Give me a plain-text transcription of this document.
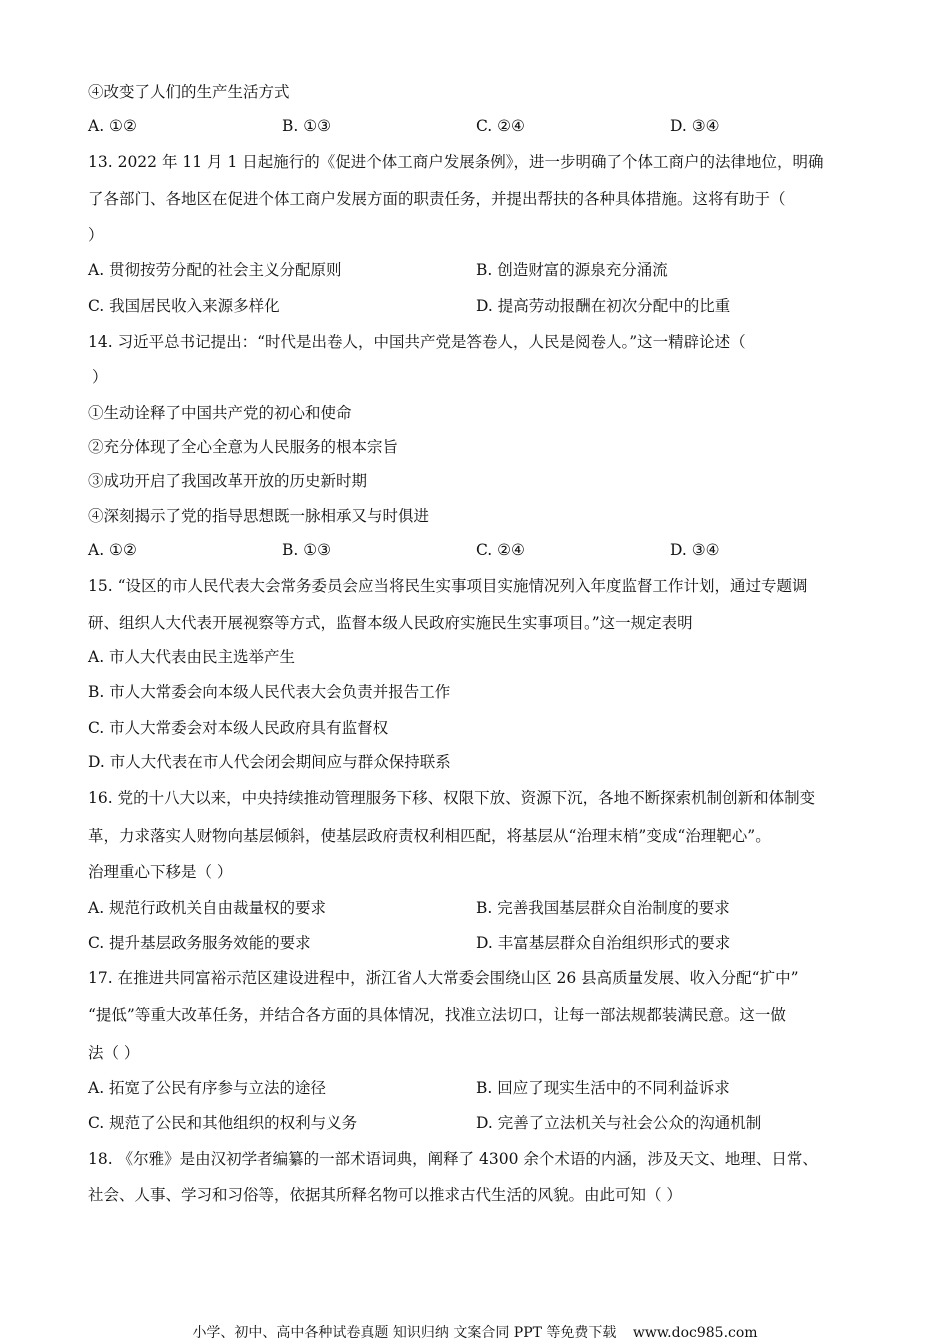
④改变了人们的生产生活方式
A. ①②	B. ①③	C. ②④	D. ③④
13. 2022 年 11 月 1 日起施行的《促进个体工商户发展条例》，进一步明确了个体工商户的法律地位，明确
了各部门、各地区在促进个体工商户发展方面的职责任务，并提出帮扶的各种具体措施。这将有助于（
）
A. 贯彻按劳分配的社会主义分配原则	B. 创造财富的源泉充分涌流
C. 我国居民收入来源多样化	D. 提高劳动报酬在初次分配中的比重
14. 习近平总书记提出：“时代是出卷人，中国共产党是答卷人，人民是阅卷人。”这一精辟论述（
）
①生动诠释了中国共产党的初心和使命
②充分体现了全心全意为人民服务的根本宗旨
③成功开启了我国改革开放的历史新时期
④深刻揭示了党的指导思想既一脉相承又与时俱进
A. ①②	B. ①③	C. ②④	D. ③④
15. “设区的市人民代表大会常务委员会应当将民生实事项目实施情况列入年度监督工作计划，通过专题调
研、组织人大代表开展视察等方式，监督本级人民政府实施民生实事项目。”这一规定表明
A. 市人大代表由民主选举产生
B. 市人大常委会向本级人民代表大会负责并报告工作
C. 市人大常委会对本级人民政府具有监督权
D. 市人大代表在市人代会闭会期间应与群众保持联系
16. 党的十八大以来，中央持续推动管理服务下移、权限下放、资源下沉，各地不断探索机制创新和体制变
革，力求落实人财物向基层倾斜，使基层政府责权利相匹配，将基层从“治理末梢”变成“治理靶心”。
治理重心下移是（ ）
A. 规范行政机关自由裁量权的要求	B. 完善我国基层群众自治制度的要求
C. 提升基层政务服务效能的要求	D. 丰富基层群众自治组织形式的要求
17. 在推进共同富裕示范区建设进程中，浙江省人大常委会围绕山区 26 县高质量发展、收入分配“扩中”
“提低”等重大改革任务，并结合各方面的具体情况，找准立法切口，让每一部法规都装满民意。这一做
法（ ）
A. 拓宽了公民有序参与立法的途径	B. 回应了现实生活中的不同利益诉求
C. 规范了公民和其他组织的权利与义务	D. 完善了立法机关与社会公众的沟通机制
18. 《尔雅》是由汉初学者编纂的一部术语词典，阐释了 4300 余个术语的内涵，涉及天文、地理、日常、
社会、人事、学习和习俗等，依据其所释名物可以推求古代生活的风貌。由此可知（ ）
小学、初中、高中各种试卷真题 知识归纳 文案合同 PPT 等免费下载 www.doc985.com
